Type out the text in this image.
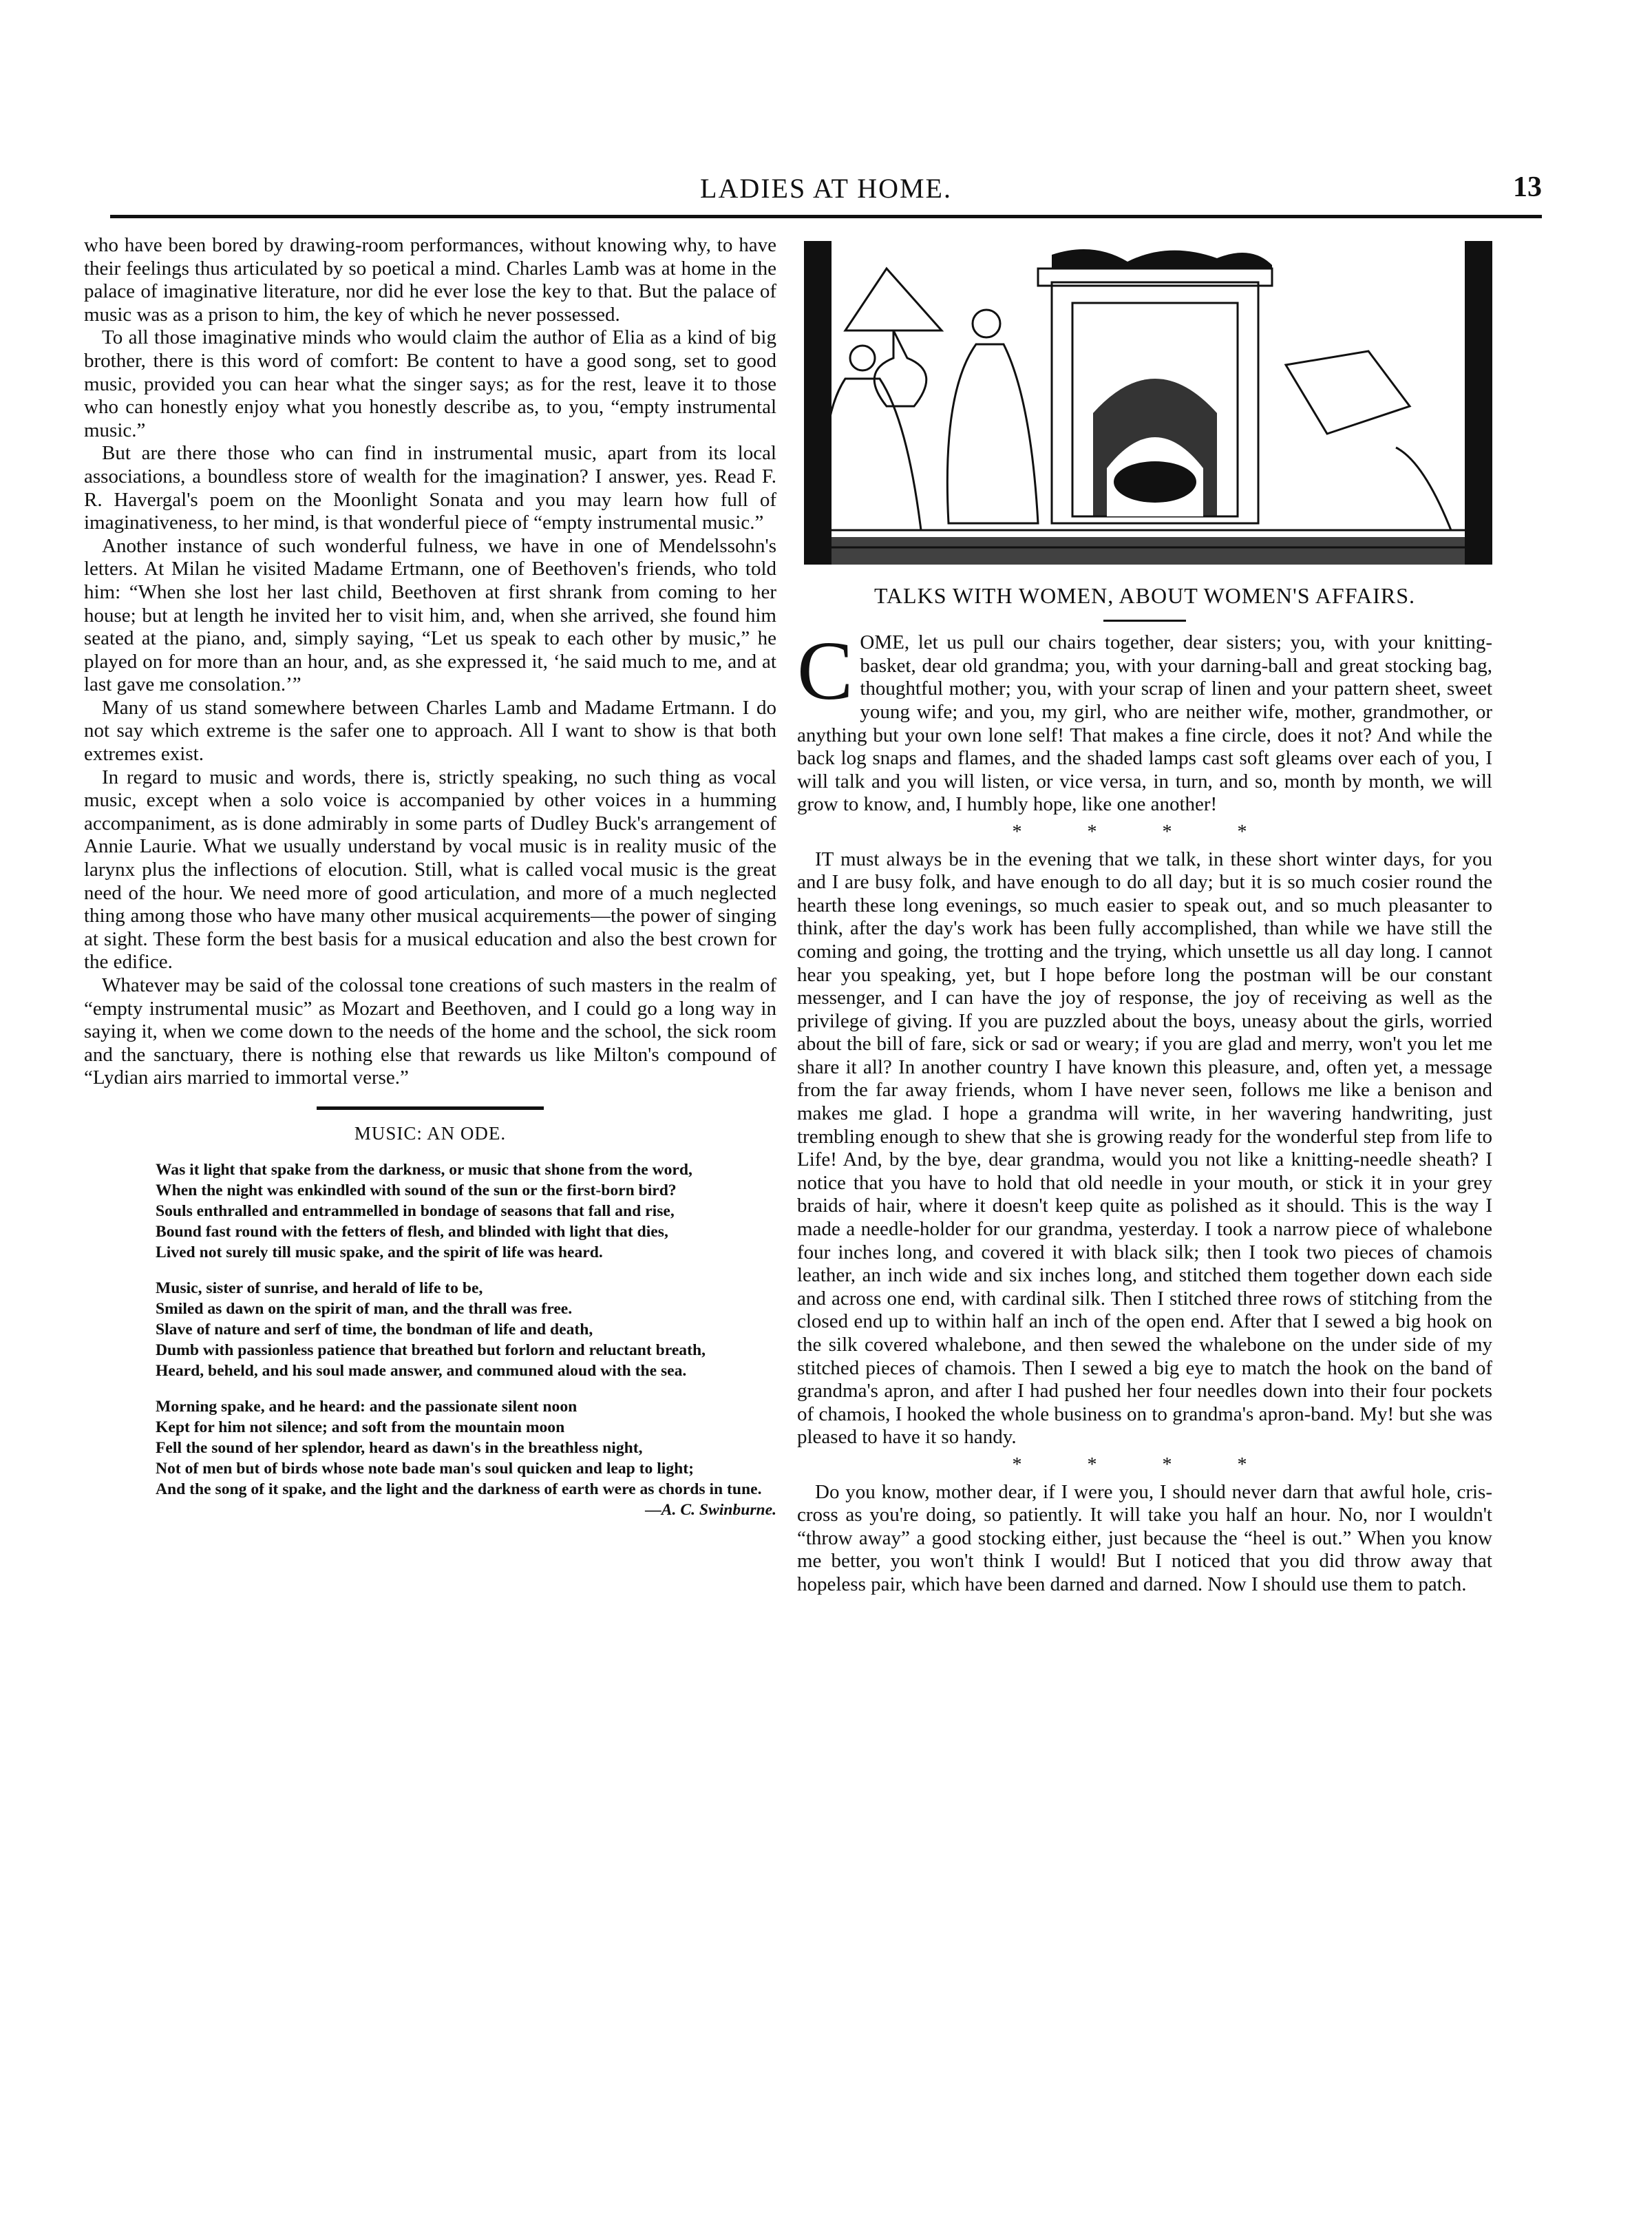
LADIES AT HOME.	13

who have been bored by drawing-room performances, without knowing why, to have their feelings thus articulated by so poetical a mind. Charles Lamb was at home in the palace of imaginative literature, nor did he ever lose the key to that. But the palace of music was as a prison to him, the key of which he never possessed.

To all those imaginative minds who would claim the author of Elia as a kind of big brother, there is this word of comfort: Be content to have a good song, set to good music, provided you can hear what the singer says; as for the rest, leave it to those who can honestly enjoy what you honestly describe as, to you, “empty instrumental music.”

But are there those who can find in instrumental music, apart from its local associations, a boundless store of wealth for the imagination? I answer, yes. Read F. R. Havergal's poem on the Moonlight Sonata and you may learn how full of imaginativeness, to her mind, is that wonderful piece of “empty instrumental music.”

Another instance of such wonderful fulness, we have in one of Mendelssohn's letters. At Milan he visited Madame Ertmann, one of Beethoven's friends, who told him: “When she lost her last child, Beethoven at first shrank from coming to her house; but at length he invited her to visit him, and, when she arrived, she found him seated at the piano, and, simply saying, “Let us speak to each other by music,” he played on for more than an hour, and, as she expressed it, ‘he said much to me, and at last gave me consolation.’”

Many of us stand somewhere between Charles Lamb and Madame Ertmann. I do not say which extreme is the safer one to approach. All I want to show is that both extremes exist.

In regard to music and words, there is, strictly speaking, no such thing as vocal music, except when a solo voice is accompanied by other voices in a humming accompaniment, as is done admirably in some parts of Dudley Buck's arrangement of Annie Laurie. What we usually understand by vocal music is in reality music of the larynx plus the inflections of elocution. Still, what is called vocal music is the great need of the hour. We need more of good articulation, and more of a much neglected thing among those who have many other musical acquirements—the power of singing at sight. These form the best basis for a musical education and also the best crown for the edifice.

Whatever may be said of the colossal tone creations of such masters in the realm of “empty instrumental music” as Mozart and Beethoven, and I could go a long way in saying it, when we come down to the needs of the home and the school, the sick room and the sanctuary, there is nothing else that rewards us like Milton's compound of “Lydian airs married to immortal verse.”

MUSIC: AN ODE.

Was it light that spake from the darkness, or music that shone from the word,

When the night was enkindled with sound of the sun or the first-born bird?

Souls enthralled and entrammelled in bondage of seasons that fall and rise,

Bound fast round with the fetters of flesh, and blinded with light that dies,

Lived not surely till music spake, and the spirit of life was heard.

Music, sister of sunrise, and herald of life to be,

Smiled as dawn on the spirit of man, and the thrall was free.

Slave of nature and serf of time, the bondman of life and death,

Dumb with passionless patience that breathed but forlorn and reluctant breath,

Heard, beheld, and his soul made answer, and communed aloud with the sea.

Morning spake, and he heard: and the passionate silent noon

Kept for him not silence; and soft from the mountain moon

Fell the sound of her splendor, heard as dawn's in the breathless night,

Not of men but of birds whose note bade man's soul quicken and leap to light;

And the song of it spake, and the light and the darkness of earth were as chords in tune.

—A. C. Swinburne.
TALKS WITH WOMEN, ABOUT WOMEN'S AFFAIRS.
COME, let us pull our chairs together, dear sisters; you, with your knitting-basket, dear old grandma; you, with your darning-ball and great stocking bag, thoughtful mother; you, with your scrap of linen and your pattern sheet, sweet young wife; and you, my girl, who are neither wife, mother, grandmother, or anything but your own lone self! That makes a fine circle, does it not? And while the back log snaps and flames, and the shaded lamps cast soft gleams over each of you, I will talk and you will listen, or vice versa, in turn, and so, month by month, we will grow to know, and, I humbly hope, like one another!
* * * *

IT must always be in the evening that we talk, in these short winter days, for you and I are busy folk, and have enough to do all day; but it is so much cosier round the hearth these long evenings, so much easier to speak out, and so much pleasanter to think, after the day's work has been fully accomplished, than while we have still the coming and going, the trotting and the trying, which unsettle us all day long. I cannot hear you speaking, yet, but I hope before long the postman will be our constant messenger, and I can have the joy of response, the joy of receiving as well as the privilege of giving. If you are puzzled about the boys, uneasy about the girls, worried about the bill of fare, sick or sad or weary; if you are glad and merry, won't you let me share it all? In another country I have known this pleasure, and, often yet, a message from the far away friends, whom I have never seen, follows me like a benison and makes me glad. I hope a grandma will write, in her wavering handwriting, just trembling enough to shew that she is growing ready for the wonderful step from life to Life! And, by the bye, dear grandma, would you not like a knitting-needle sheath? I notice that you have to hold that old needle in your mouth, or stick it in your grey braids of hair, where it doesn't keep quite as polished as it should. This is the way I made a needle-holder for our grandma, yesterday. I took a narrow piece of whalebone four inches long, and covered it with black silk; then I took two pieces of chamois leather, an inch wide and six inches long, and stitched them together down each side and across one end, with cardinal silk. Then I stitched three rows of stitching from the closed end up to within half an inch of the open end. After that I sewed a big hook on the silk covered whalebone, and then sewed the whalebone on the under side of my stitched pieces of chamois. Then I sewed a big eye to match the hook on the band of grandma's apron, and after I had pushed her four needles down into their four pockets of chamois, I hooked the whole business on to grandma's apron-band. My! but she was pleased to have it so handy.

* * * *

Do you know, mother dear, if I were you, I should never darn that awful hole, cris-cross as you're doing, so patiently. It will take you half an hour. No, nor I wouldn't “throw away” a good stocking either, just because the “heel is out.” When you know me better, you won't think I would! But I noticed that you did throw away that hopeless pair, which have been darned and darned. Now I should use them to patch.
